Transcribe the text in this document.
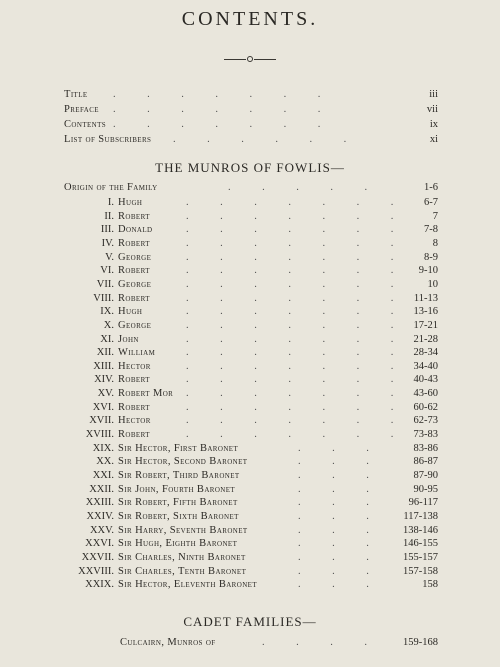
CONTENTS.
Title .   .   .   .   .   .   .	iii
Preface .   .   .   .   .   .   .	vii
Contents .   .   .   .   .   .   .	ix
List of Subscribers .   .   .   .   .   .	xi
THE MUNROS OF FOWLIS—
Origin of the Family	.   .   .   .   .	1-6
I. Hugh	.   .   .   .   .   .   .	6-7
II. Robert	.   .   .   .   .   .   .	7
III. Donald	.   .   .   .   .   .   .	7-8
IV. Robert	.   .   .   .   .   .   .	8
V. George	.   .   .   .   .   .   .	8-9
VI. Robert	.   .   .   .   .   .   . 9-10
VII. George	.   .   .   .   .   .   .	10
VIII. Robert	.   .   .   .   .   .   . 11-13
IX. Hugh	.   .   .   .   .   .   . 13-16
X. George	.   .   .   .   .   .   . 17-21
XI. John	.   .   .   .   .   .   . 21-28
XII. William	.   .   .   .   .   .   . 28-34
XIII. Hector	.   .   .   .   .   .   . 34-40
XIV. Robert	.   .   .   .   .   .   . 40-43
XV. Robert Mor .   .   .   .   .   .   . 43-60
XVI. Robert	.   .   .   .   .   .   . 60-62
XVII. Hector	.   .   .   .   .   .   . 62-73
XVIII. Robert	.   .   .   .   .   .   . 73-83
XIX. Sir Hector, First Baronet	.   .   .	83-86
XX. Sir Hector, Second Baronet	.   .   .	86-87
XXI. Sir Robert, Third Baronet	.   .   .	87-90
XXII. Sir John, Fourth Baronet	.   .   .	90-95
XXIII. Sir Robert, Fifth Baronet	.   .   .	96-117
XXIV. Sir Robert, Sixth Baronet	.   .   .	117-138
XXV. Sir Harry, Seventh Baronet	.   .   .	138-146
XXVI. Sir Hugh, Eighth Baronet	.   .   .	146-155
XXVII. Sir Charles, Ninth Baronet	.   .   .	155-157
XXVIII. Sir Charles, Tenth Baronet	.   .   .	157-158
XXIX. Sir Hector, Eleventh Baronet	.   .   .	158
CADET FAMILIES—
Culcairn, Munros of	.   .   .   .	159-168
